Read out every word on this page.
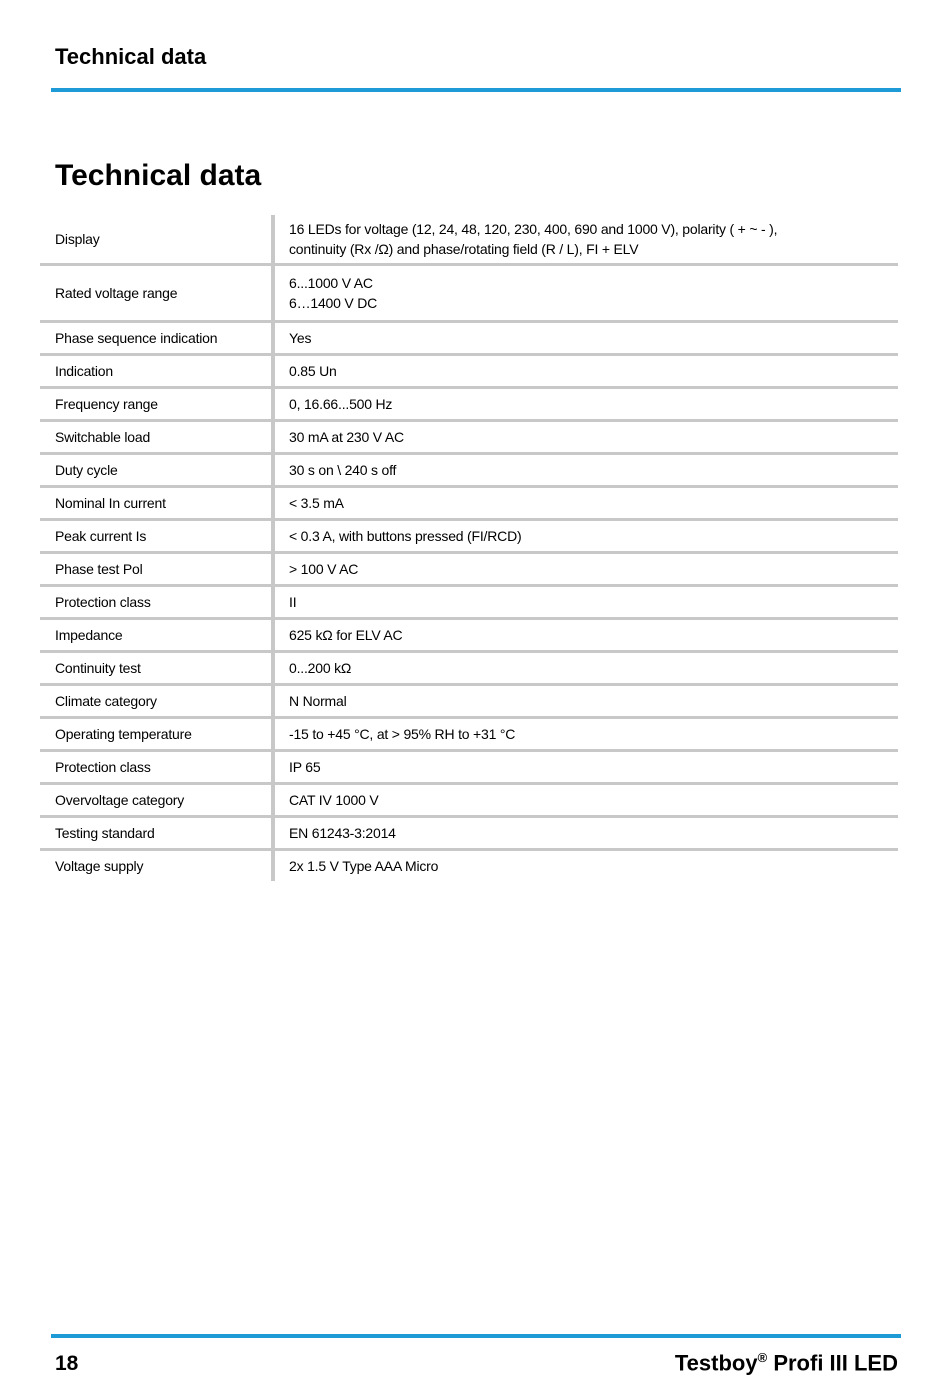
Technical data
Technical data
Display	16 LEDs for voltage (12, 24, 48, 120, 230, 400, 690 and 1000 V), polarity ( + ~ - ),
continuity (Rx /Ω) and phase/rotating field (R / L), FI + ELV

Rated voltage range	6...1000 V AC
6…1400 V DC

Phase sequence indication	Yes

Indication	0.85 Un

Frequency range	0, 16.66...500 Hz

Switchable load	30 mA at 230 V AC

Duty cycle	30 s on \ 240 s off

Nominal In current	< 3.5 mA

Peak current Is	< 0.3 A, with buttons pressed (FI/RCD)

Phase test Pol	> 100 V AC

Protection class	II

Impedance	625 kΩ for ELV AC

Continuity test	0...200 kΩ

Climate category	N Normal

Operating temperature	-15 to +45 °C, at > 95% RH to +31 °C

Protection class	IP 65

Overvoltage category	CAT IV 1000 V

Testing standard	EN 61243-3:2014

Voltage supply	2x 1.5 V Type AAA Micro
18	Testboy® Profi III LED
